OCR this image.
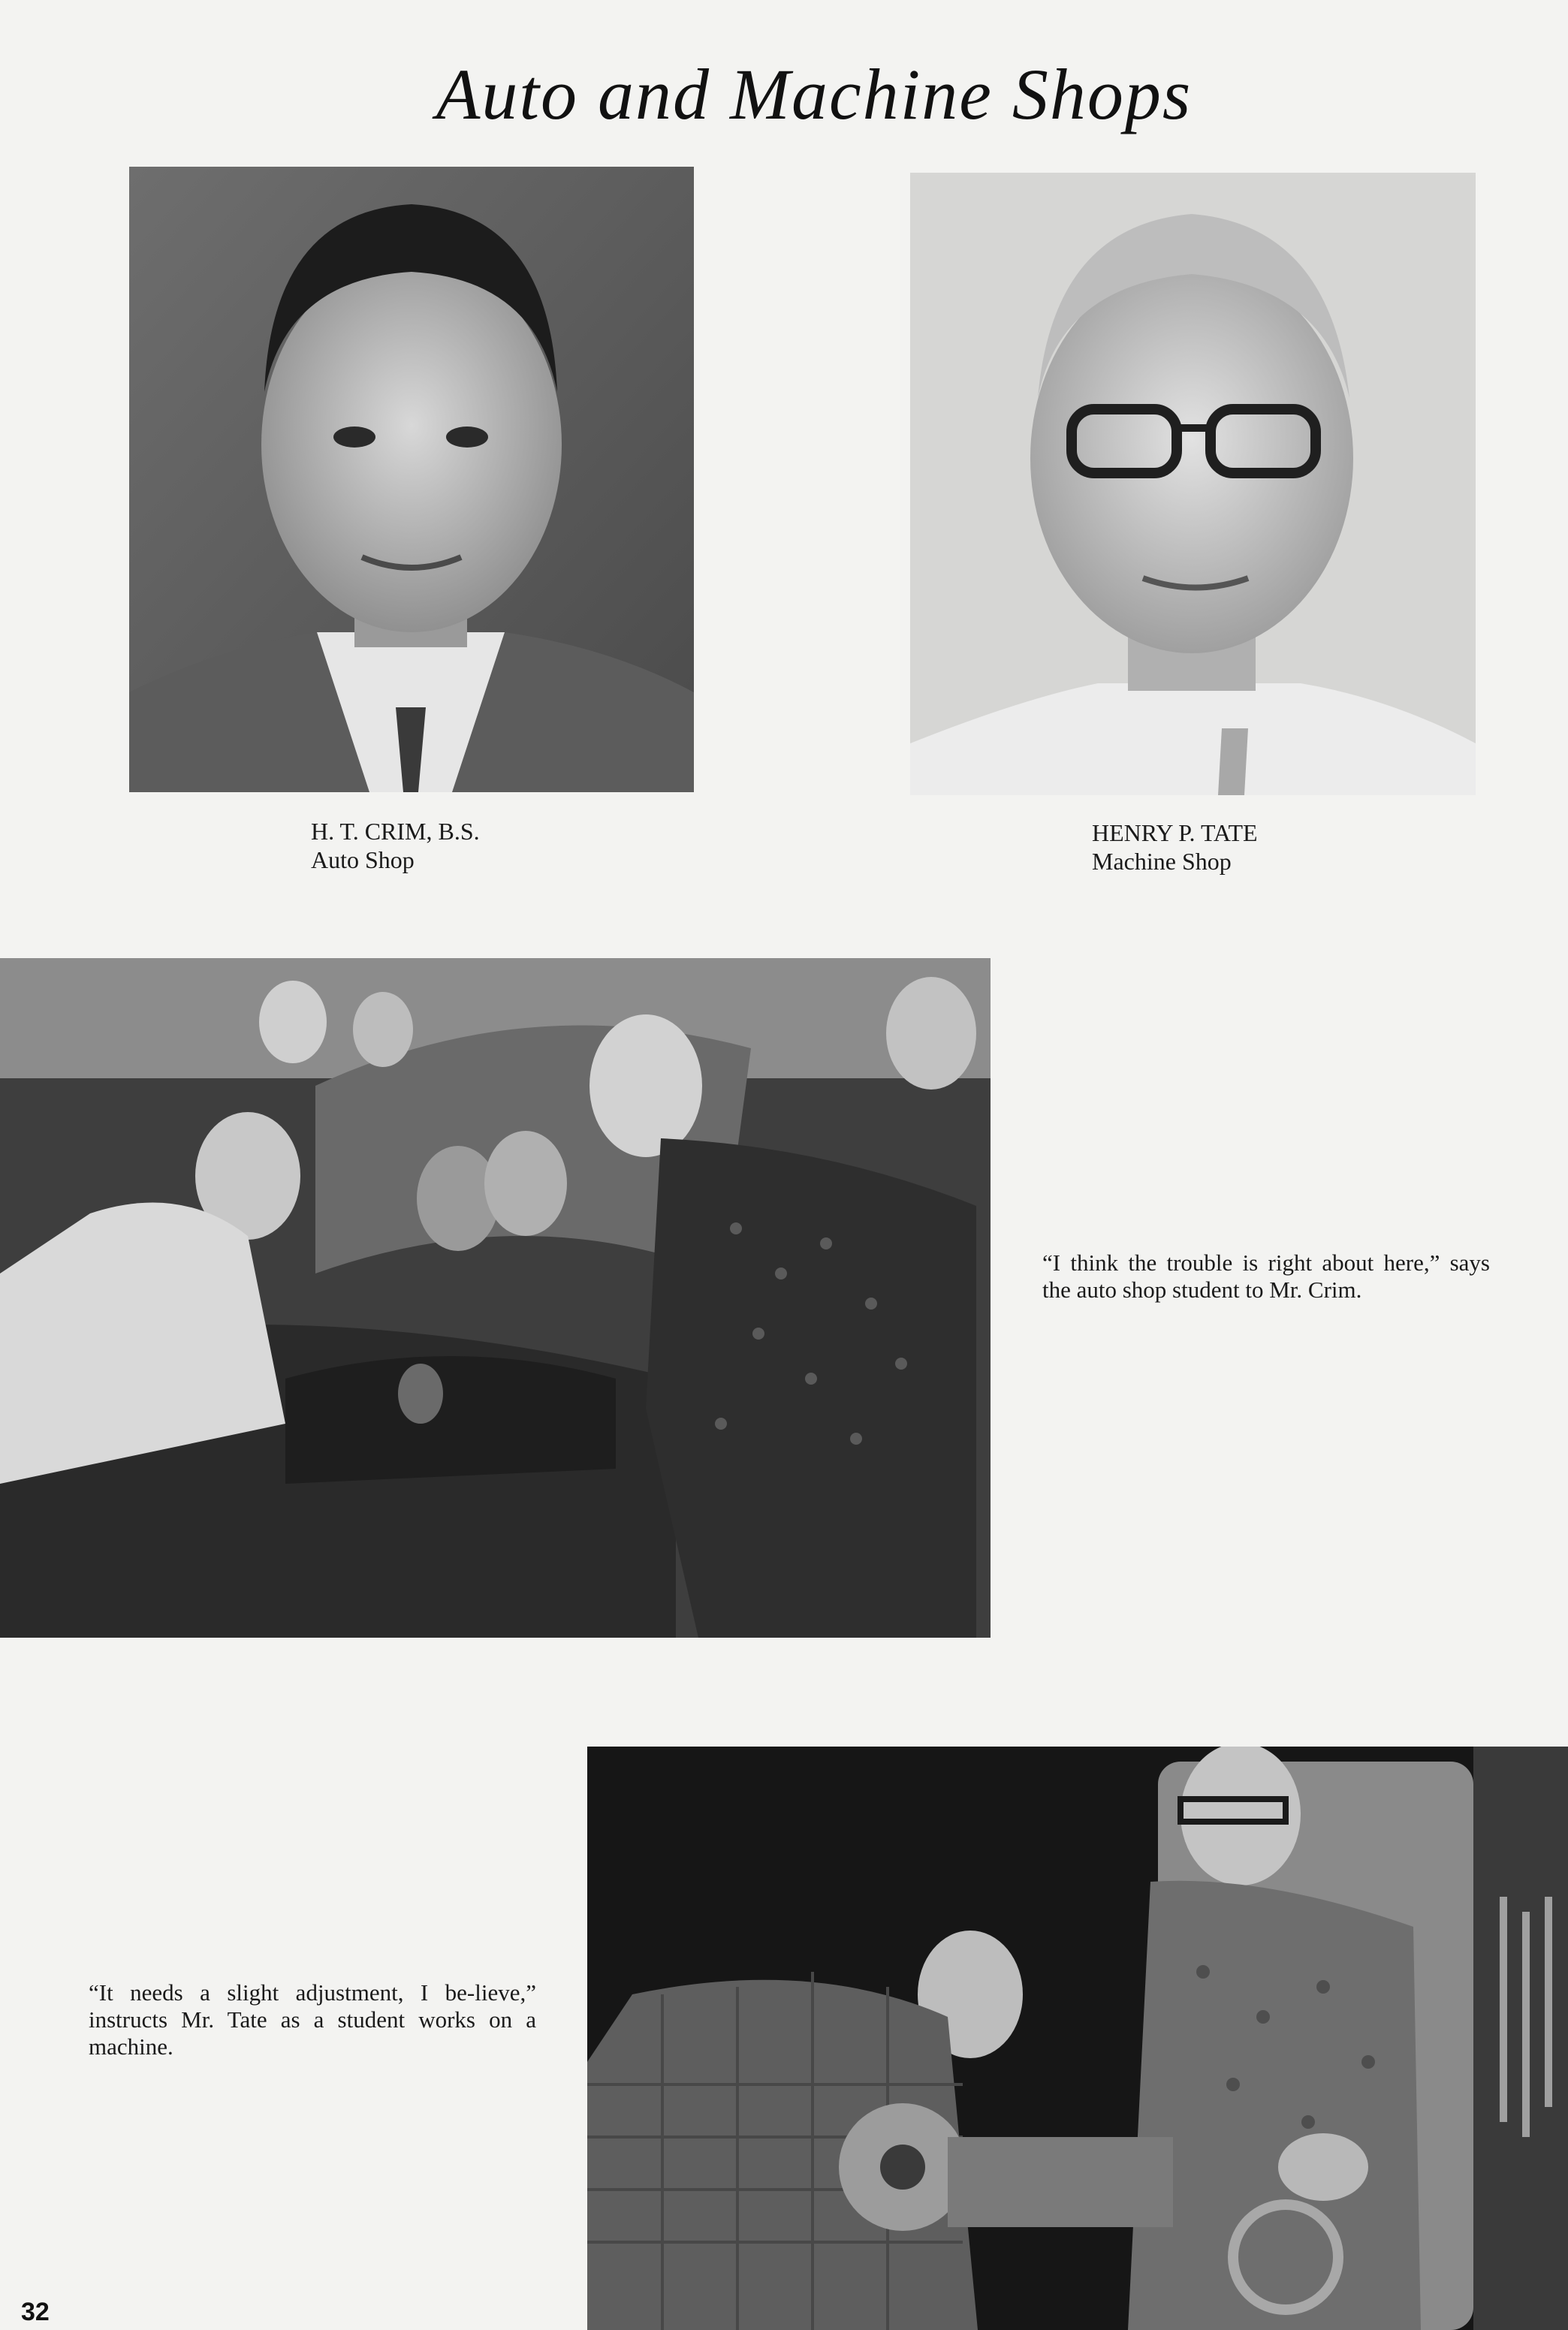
Auto and Machine Shops
H. T. CRIM, B.S.
Auto Shop
HENRY P. TATE
Machine Shop
“I think the trouble is right about here,” says the auto shop student to Mr. Crim.
“It needs a slight adjustment, I be-lieve,” instructs Mr. Tate as a student works on a machine.
32
